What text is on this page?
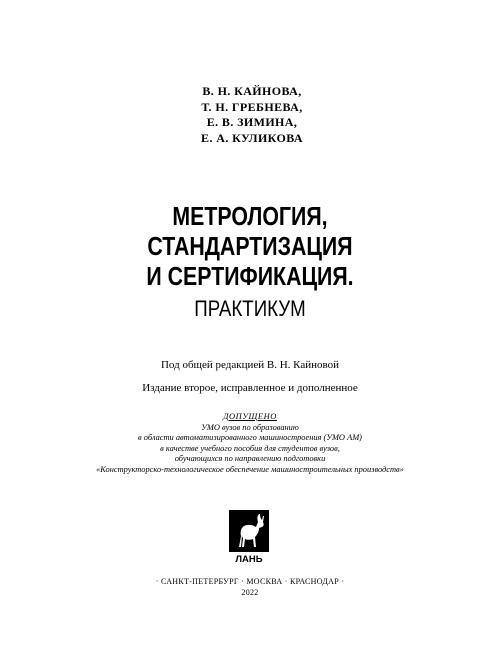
В. Н. КАЙНОВА,
Т. Н. ГРЕБНЕВА,
Е. В. ЗИМИНА,
Е. А. КУЛИКОВА
МЕТРОЛОГИЯ,
СТАНДАРТИЗАЦИЯ
И СЕРТИФИКАЦИЯ.
ПРАКТИКУМ
Под общей редакцией В. Н. Кайновой
Издание второе, исправленное и дополненное
ДОПУЩЕНО
УМО вузов по образованию
в области автоматизированного машиностроения (УМО АМ)
в качестве учебного пособия для студентов вузов,
обучающихся по направлению подготовки
«Конструкторско-технологическое обеспечение машиностроительных производств»
ЛАНЬ
· САНКТ-ПЕТЕРБУРГ · МОСКВА · КРАСНОДАР ·
2022
